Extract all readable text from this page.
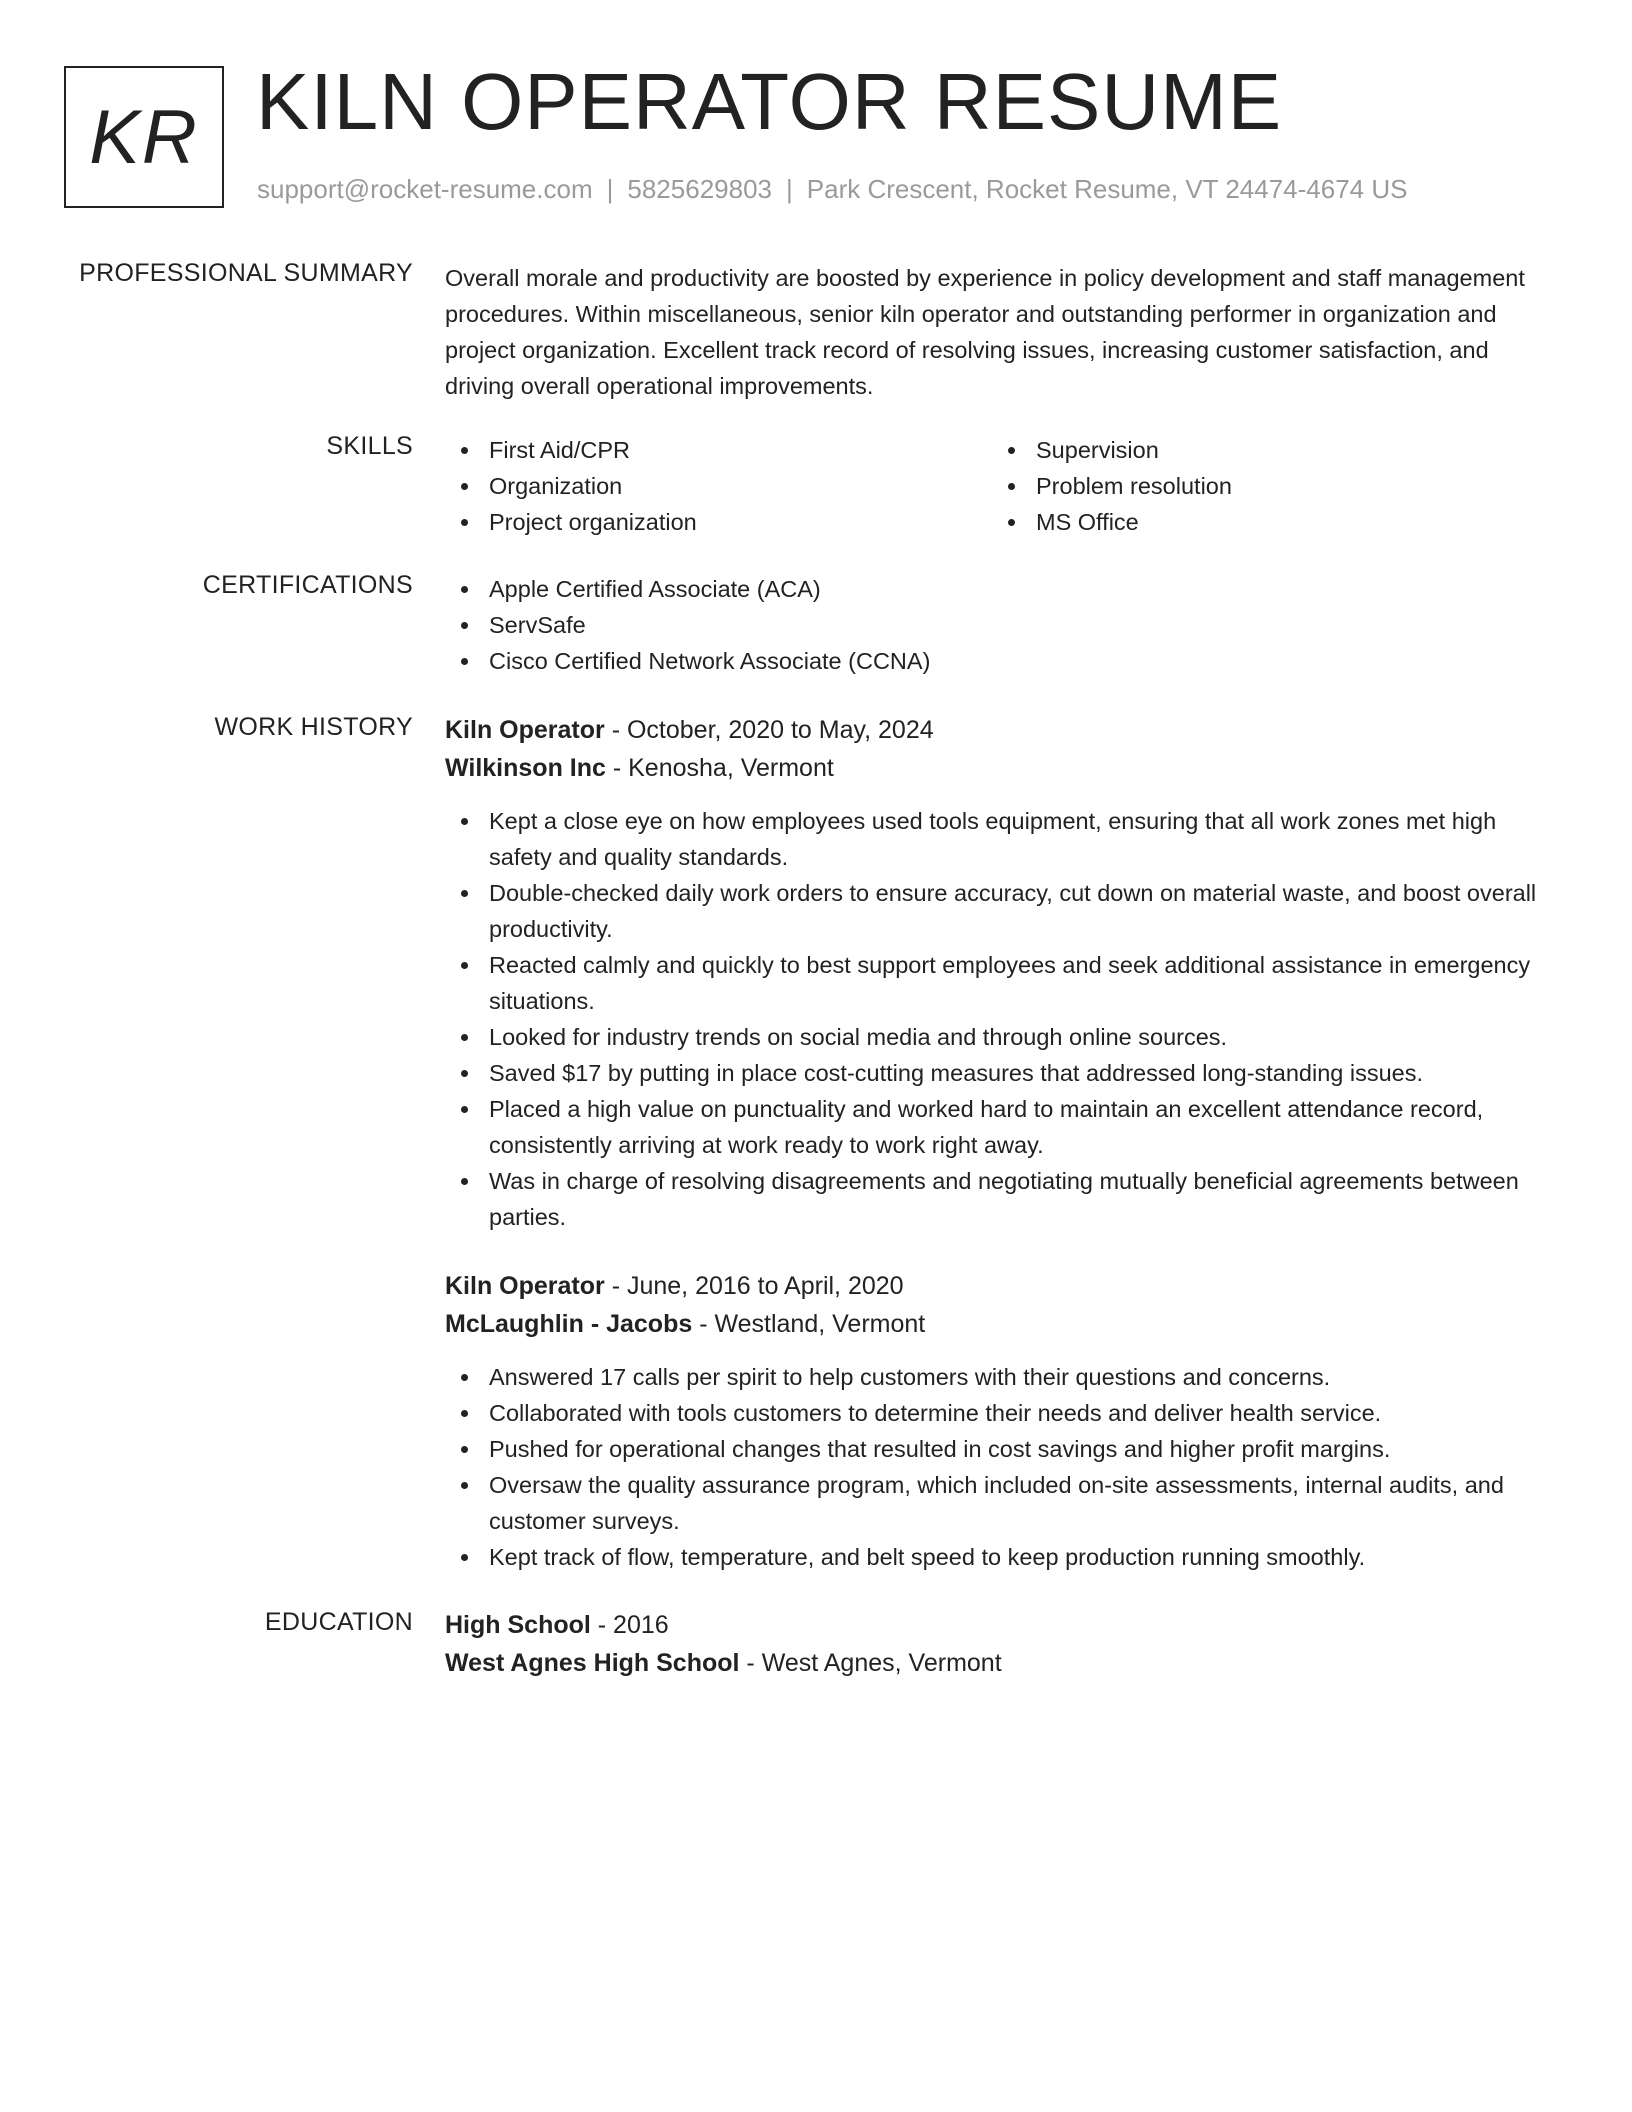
KR KILN OPERATOR RESUME
support@rocket-resume.com | 5825629803 | Park Crescent, Rocket Resume, VT 24474-4674 US
PROFESSIONAL SUMMARY Overall morale and productivity are boosted by experience in policy development and staff management procedures. Within miscellaneous, senior kiln operator and outstanding performer in organization and project organization. Excellent track record of resolving issues, increasing customer satisfaction, and driving overall operational improvements.
SKILLS	First Aid/CPR
Organization
Project organization
Supervision
Problem resolution
MS Office
CERTIFICATIONS	Apple Certified Associate (ACA)
ServSafe
Cisco Certified Network Associate (CCNA)
WORK HISTORY Kiln Operator - October, 2020 to May, 2024
Wilkinson Inc - Kenosha, Vermont
Kept a close eye on how employees used tools equipment, ensuring that all work zones met high safety and quality standards.
Double-checked daily work orders to ensure accuracy, cut down on material waste, and boost overall productivity.
Reacted calmly and quickly to best support employees and seek additional assistance in emergency situations.
Looked for industry trends on social media and through online sources.
Saved $17 by putting in place cost-cutting measures that addressed long-standing issues.
Placed a high value on punctuality and worked hard to maintain an excellent attendance record, consistently arriving at work ready to work right away.
Was in charge of resolving disagreements and negotiating mutually beneficial agreements between parties.
Kiln Operator - June, 2016 to April, 2020
McLaughlin - Jacobs - Westland, Vermont
Answered 17 calls per spirit to help customers with their questions and concerns.
Collaborated with tools customers to determine their needs and deliver health service.
Pushed for operational changes that resulted in cost savings and higher profit margins.
Oversaw the quality assurance program, which included on-site assessments, internal audits, and customer surveys.
Kept track of flow, temperature, and belt speed to keep production running smoothly.
EDUCATION High School - 2016
West Agnes High School - West Agnes, Vermont
